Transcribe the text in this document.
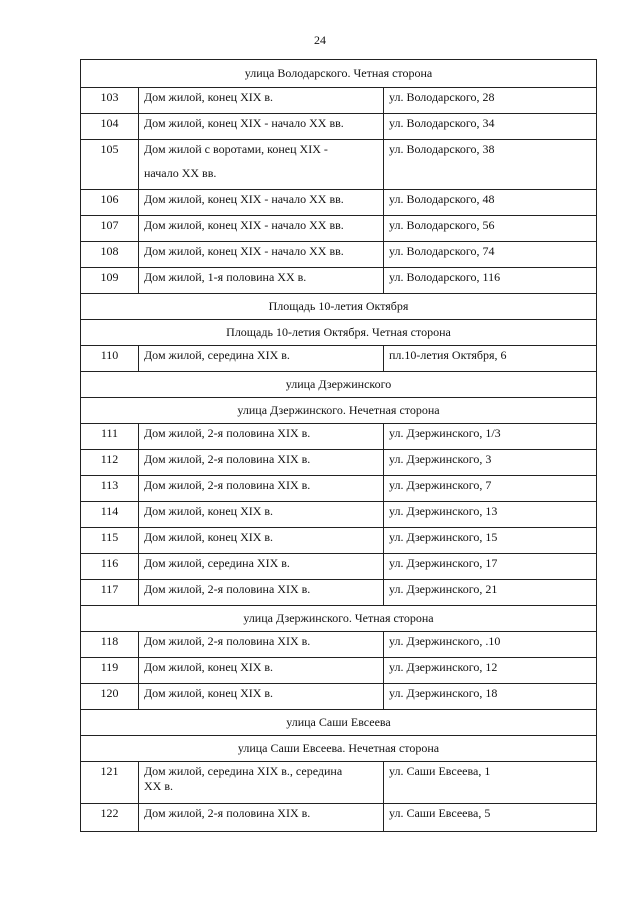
24
улица Володарского. Четная сторона		
103	Дом жилой, конец XIX в.	ул. Володарского, 28
104	Дом жилой, конец XIX - начало XX вв.	ул. Володарского, 34
105	Дом жилой с воротами, конец XIX -
начало XX вв.	ул. Володарского, 38
106	Дом жилой, конец XIX - начало XX вв.	ул. Володарского, 48
107	Дом жилой, конец XIX - начало XX вв.	ул. Володарского, 56
108	Дом жилой, конец XIX - начало XX вв.	ул. Володарского, 74
109	Дом жилой, 1-я половина XX в.	ул. Володарского, 116
Площадь 10-летия Октября		
Площадь 10-летия Октября. Четная сторона		
110	Дом жилой, середина XIX в.	пл.10-летия Октября, 6
улица Дзержинского		
улица Дзержинского. Нечетная сторона		
111	Дом жилой, 2-я половина XIX в.	ул. Дзержинского, 1/3
112	Дом жилой, 2-я половина XIX в.	ул. Дзержинского, 3
113	Дом жилой, 2-я половина XIX в.	ул. Дзержинского, 7
114	Дом жилой, конец XIX в.	ул. Дзержинского, 13
115	Дом жилой, конец XIX в.	ул. Дзержинского, 15
116	Дом жилой, середина XIX в.	ул. Дзержинского, 17
117	Дом жилой, 2-я половина XIX в.	ул. Дзержинского, 21
улица Дзержинского. Четная сторона		
118	Дом жилой, 2-я половина XIX в.	ул. Дзержинского, .10
119	Дом жилой, конец XIX в.	ул. Дзержинского, 12
120	Дом жилой, конец XIX в.	ул. Дзержинского, 18
улица Саши Евсеева		
улица Саши Евсеева. Нечетная сторона		
121	Дом жилой, середина XIX в., середина
XX в.	ул. Саши Евсеева, 1
122	Дом жилой, 2-я половина XIX в.	ул. Саши Евсеева, 5
